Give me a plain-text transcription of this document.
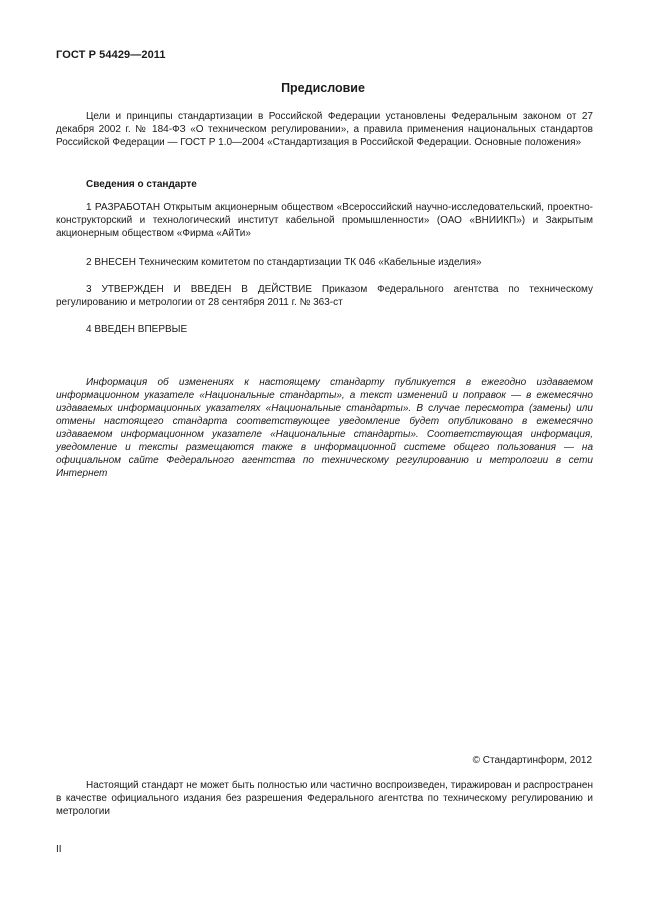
ГОСТ Р 54429—2011
Предисловие

Цели и принципы стандартизации в Российской Федерации установлены Федеральным законом от 27 декабря 2002 г. № 184-ФЗ «О техническом регулировании», а правила применения национальных стандартов Российской Федерации — ГОСТ Р 1.0—2004 «Стандартизация в Российской Федерации. Основные положения»

Сведения о стандарте

1 РАЗРАБОТАН Открытым акционерным обществом «Всероссийский научно-исследовательский, проектно-конструкторский и технологический институт кабельной промышленности» (ОАО «ВНИИКП») и Закрытым акционерным обществом «Фирма «АйТи»

2 ВНЕСЕН Техническим комитетом по стандартизации ТК 046 «Кабельные изделия»

3 УТВЕРЖДЕН И ВВЕДЕН В ДЕЙСТВИЕ Приказом Федерального агентства по техническому регулированию и метрологии от 28 сентября 2011 г. № 363-ст

4 ВВЕДЕН ВПЕРВЫЕ

Информация об изменениях к настоящему стандарту публикуется в ежегодно издаваемом информационном указателе «Национальные стандарты», а текст изменений и поправок — в ежемесячно издаваемых информационных указателях «Национальные стандарты». В случае пересмотра (замены) или отмены настоящего стандарта соответствующее уведомление будет опубликовано в ежемесячно издаваемом информационном указателе «Национальные стандарты». Соответствующая информация, уведомление и тексты размещаются также в информационной системе общего пользования — на официальном сайте Федерального агентства по техническому регулированию и метрологии в сети Интернет

© Стандартинформ, 2012

Настоящий стандарт не может быть полностью или частично воспроизведен, тиражирован и распространен в качестве официального издания без разрешения Федерального агентства по техническому регулированию и метрологии

II
